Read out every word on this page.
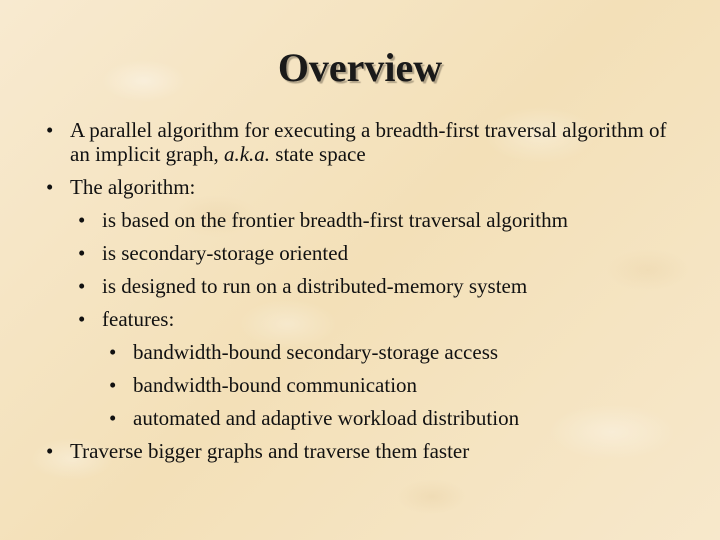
Overview
• A parallel algorithm for executing a breadth-first traversal algorithm of an implicit graph, a.k.a. state space
• The algorithm:
• is based on the frontier breadth-first traversal algorithm
• is secondary-storage oriented
• is designed to run on a distributed-memory system
• features:
• bandwidth-bound secondary-storage access
• bandwidth-bound communication
• automated and adaptive workload distribution
• Traverse bigger graphs and traverse them faster
